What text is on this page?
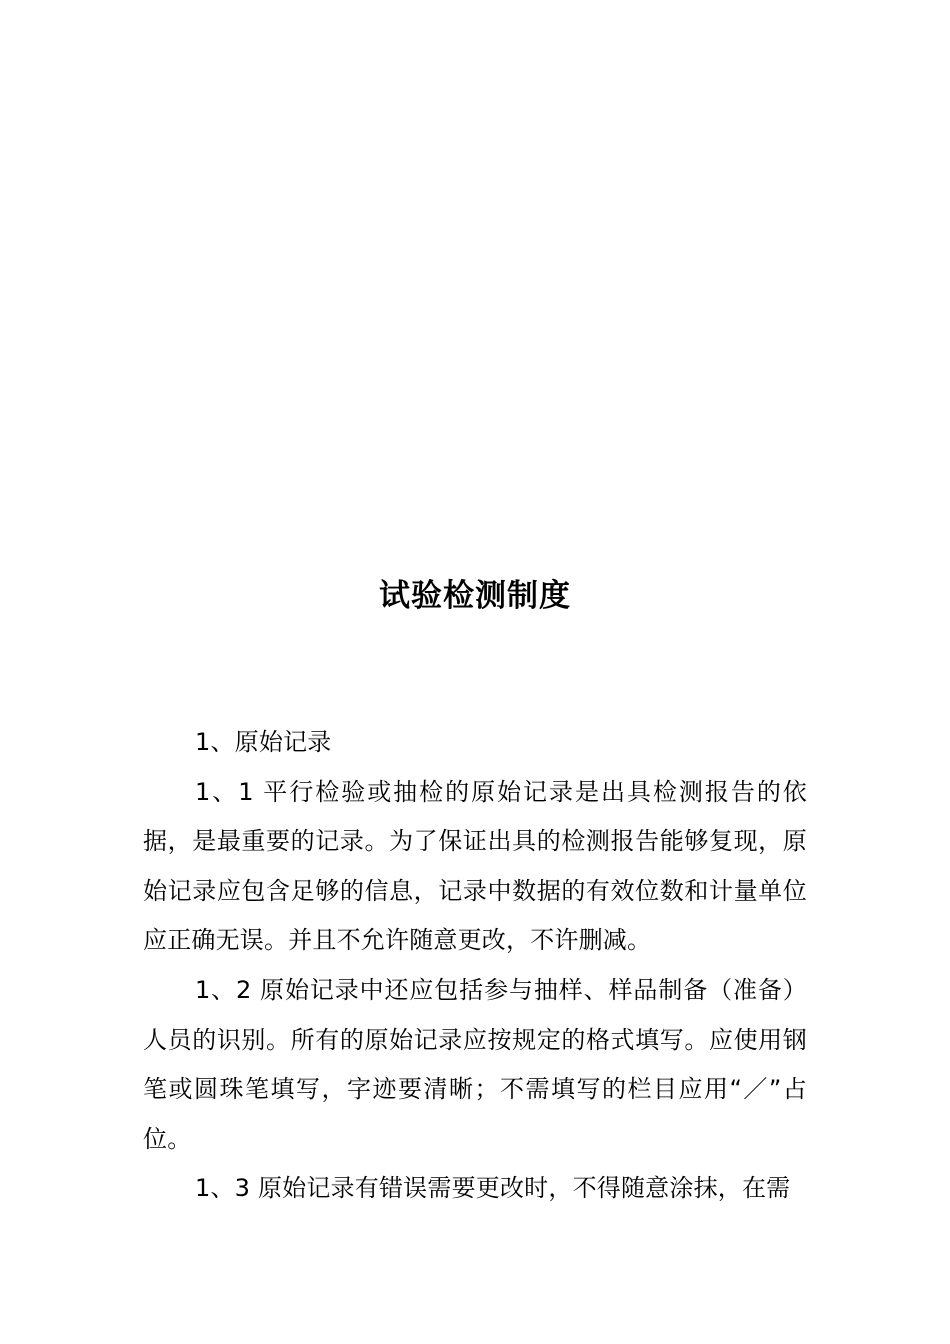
试验检测制度

1、原始记录

1、1 平行检验或抽检的原始记录是出具检测报告的依据，是最重要的记录。为了保证出具的检测报告能够复现，原始记录应包含足够的信息，记录中数据的有效位数和计量单位应正确无误。并且不允许随意更改，不许删减。

1、2 原始记录中还应包括参与抽样、样品制备（准备）人员的识别。所有的原始记录应按规定的格式填写。应使用钢笔或圆珠笔填写，字迹要清晰；不需填写的栏目应用“／”占位。

1、3 原始记录有错误需要更改时，不得随意涂抹，在需
